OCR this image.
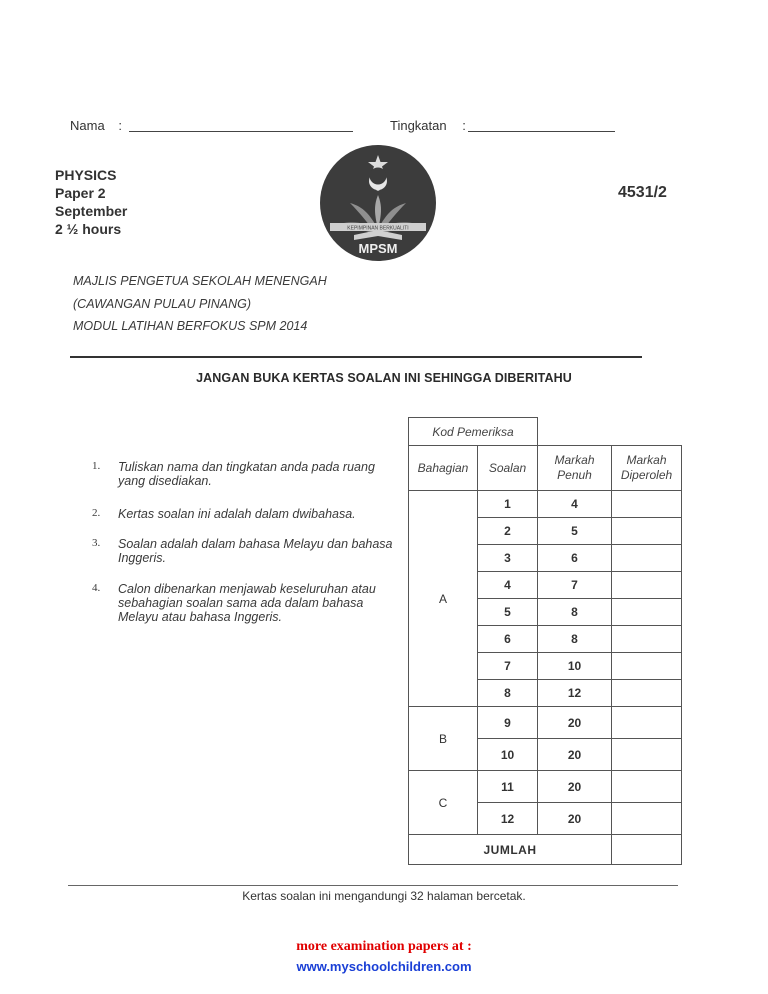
Nama :	Tingkatan :
PHYSICS
Paper 2
September
2 ½ hours
4531/2
KEPIMPINAN BERKUALITI
MPSM
MAJLIS PENGETUA SEKOLAH MENENGAH
(CAWANGAN PULAU PINANG)
MODUL LATIHAN BERFOKUS SPM 2014
JANGAN BUKA KERTAS SOALAN INI SEHINGGA DIBERITAHU
1. Tuliskan nama dan tingkatan anda pada ruang yang disediakan.
2. Kertas soalan ini adalah dalam dwibahasa.
3. Soalan adalah dalam bahasa Melayu dan bahasa Inggeris.
4. Calon dibenarkan menjawab keseluruhan atau sebahagian soalan sama ada dalam bahasa Melayu atau bahasa Inggeris.
Kod Pemeriksa			
Bahagian	Soalan	Markah Penuh	Markah Diperoleh
A	1	4	
	2	5	
	3	6	
	4	7	
	5	8	
	6	8	
	7	10	
	8	12	
B	9	20	
	10	20	
C	11	20	
	12	20	
JUMLAH			
Kertas soalan ini mengandungi 32 halaman bercetak.
more examination papers at :
www.myschoolchildren.com
